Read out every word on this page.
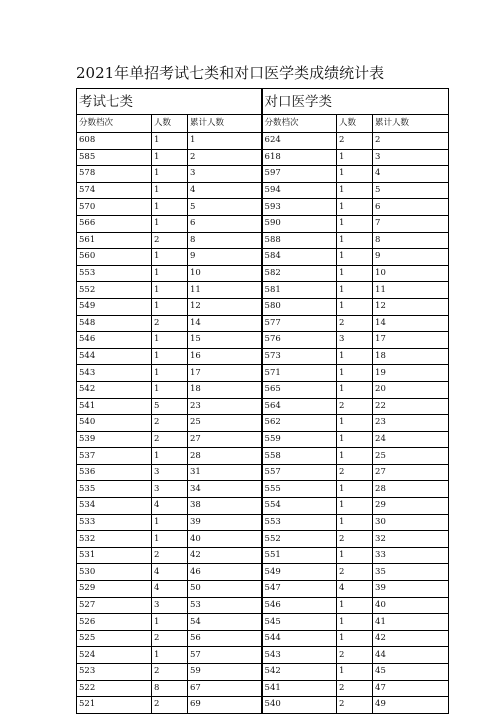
2021年单招考试七类和对口医学类成绩统计表
考试七类			对口医学类		
分数档次	人数	累计人数	分数档次	人数	累计人数
608	1	1	624	2	2
585	1	2	618	1	3
578	1	3	597	1	4
574	1	4	594	1	5
570	1	5	593	1	6
566	1	6	590	1	7
561	2	8	588	1	8
560	1	9	584	1	9
553	1	10	582	1	10
552	1	11	581	1	11
549	1	12	580	1	12
548	2	14	577	2	14
546	1	15	576	3	17
544	1	16	573	1	18
543	1	17	571	1	19
542	1	18	565	1	20
541	5	23	564	2	22
540	2	25	562	1	23
539	2	27	559	1	24
537	1	28	558	1	25
536	3	31	557	2	27
535	3	34	555	1	28
534	4	38	554	1	29
533	1	39	553	1	30
532	1	40	552	2	32
531	2	42	551	1	33
530	4	46	549	2	35
529	4	50	547	4	39
527	3	53	546	1	40
526	1	54	545	1	41
525	2	56	544	1	42
524	1	57	543	2	44
523	2	59	542	1	45
522	8	67	541	2	47
521	2	69	540	2	49
